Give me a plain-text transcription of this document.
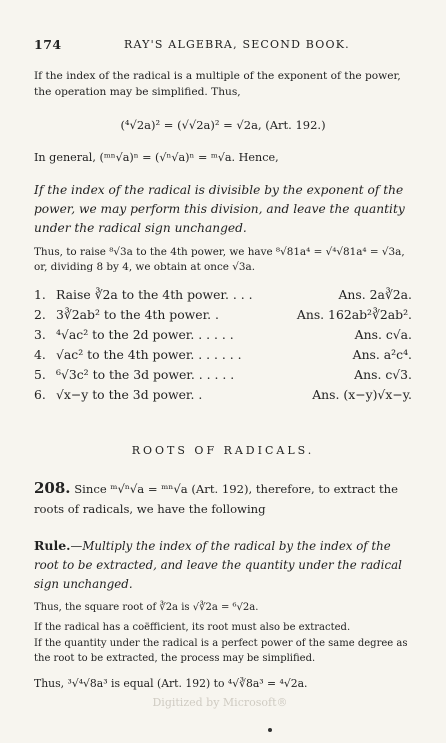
174	RAY'S ALGEBRA, SECOND BOOK.
If the index of the radical is a multiple of the exponent of the power, the operation may be simplified. Thus,
(⁴√2a)² = (√√2a)² = √2a, (Art. 192.)
In general, (ᵐⁿ√a)ⁿ = (√ⁿ√a)ⁿ = ᵐ√a. Hence,
If the index of the radical is divisible by the exponent of the power, we may perform this division, and leave the quantity under the radical sign unchanged.
Thus, to raise ⁸√3a to the 4th power, we have ⁸√81a⁴ = √⁴√81a⁴ = √3a, or, dividing 8 by 4, we obtain at once √3a.
1. Raise ∛2a to the 4th power. . . .	Ans. 2a∛2a.
2. 3∛2ab² to the 4th power. .	Ans. 162ab²∛2ab².
3. ⁴√ac² to the 2d power. . . . . .	Ans. c√a.
4. √ac² to the 4th power. . . . . . .	Ans. a²c⁴.
5. ⁶√3c² to the 3d power. . . . . .	Ans. c√3.
6. √x−y to the 3d power. .	Ans. (x−y)√x−y.
ROOTS OF RADICALS.
208. Since ᵐ√ⁿ√a = ᵐⁿ√a (Art. 192), therefore, to extract the roots of radicals, we have the following
Rule.—Multiply the index of the radical by the index of the root to be extracted, and leave the quantity under the radical sign unchanged.
Thus, the square root of ∛2a is √∛2a = ⁶√2a.
If the radical has a coëfficient, its root must also be extracted.
If the quantity under the radical is a perfect power of the same degree as the root to be extracted, the process may be simplified.
Thus, ³√⁴√8a³ is equal (Art. 192) to ⁴√∛8a³ = ⁴√2a.
Digitized by Microsoft®
